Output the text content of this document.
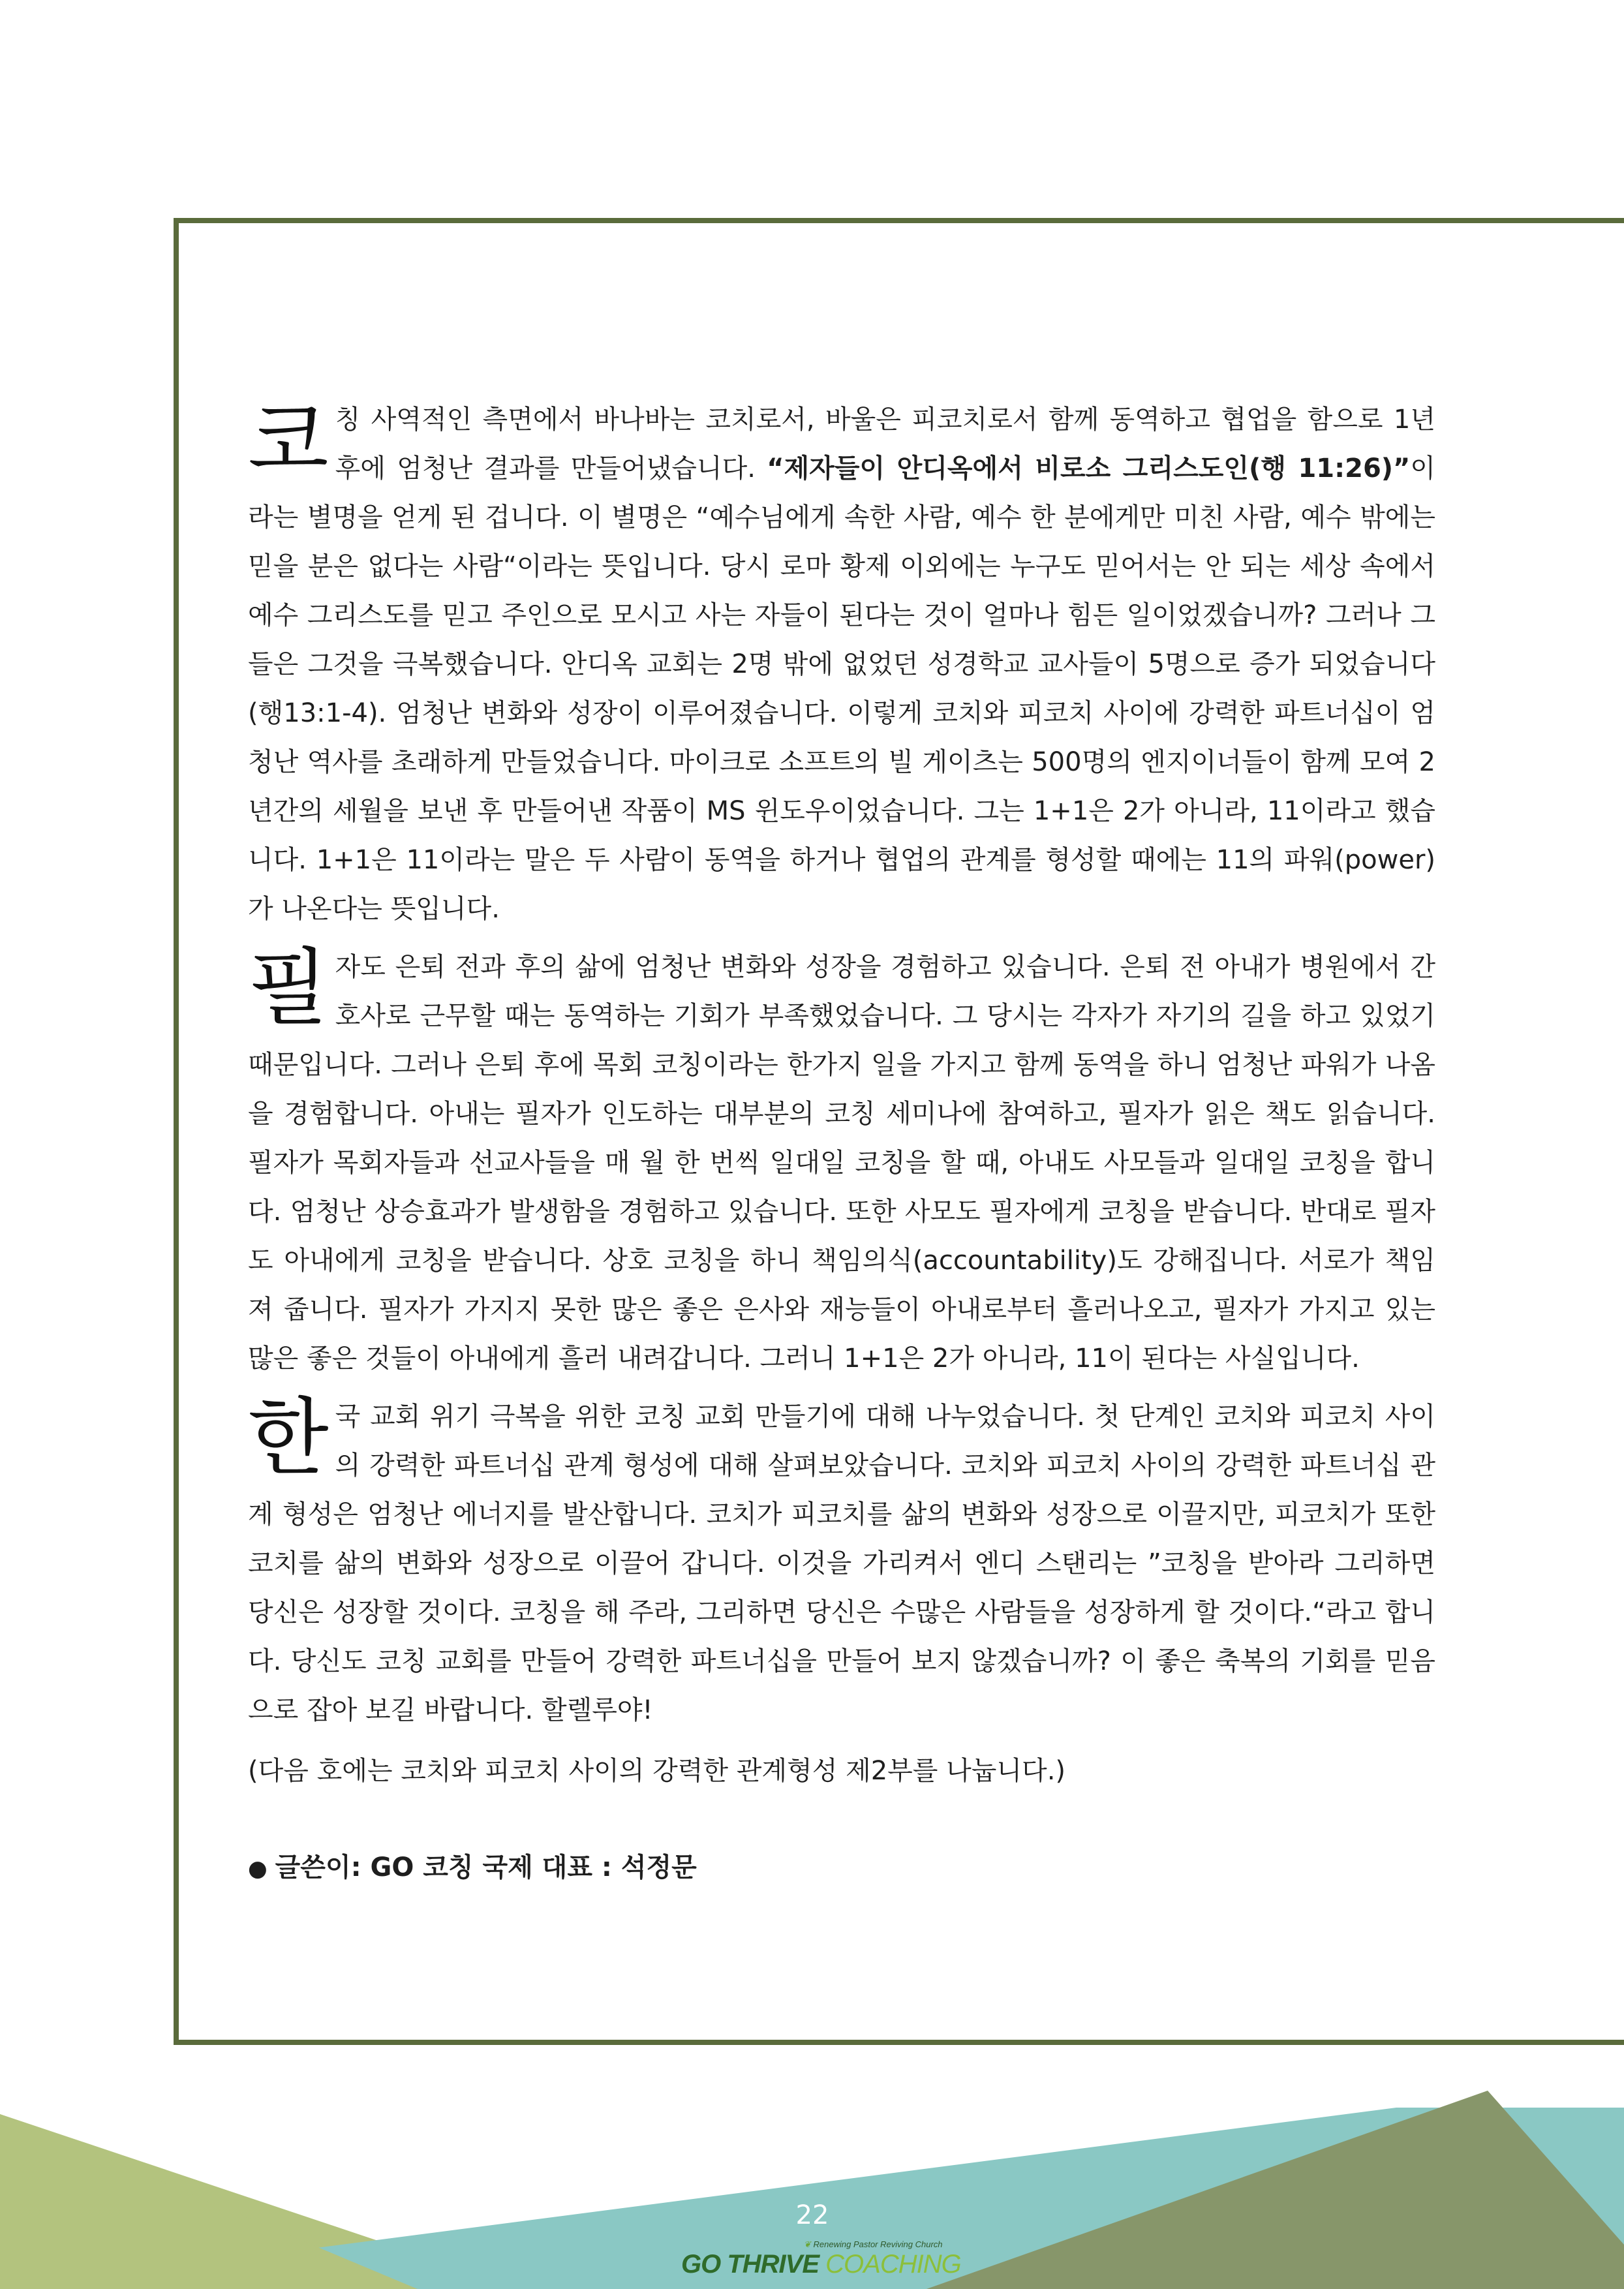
코칭 사역적인 측면에서 바나바는 코치로서, 바울은 피코치로서 함께 동역하고 협업을 함으로 1년 후에 엄청난 결과를 만들어냈습니다. “제자들이 안디옥에서 비로소 그리스도인(행 11:26)”이라는 별명을 얻게 된 겁니다. 이 별명은 “예수님에게 속한 사람, 예수 한 분에게만 미친 사람, 예수 밖에는 믿을 분은 없다는 사람“이라는 뜻입니다. 당시 로마 황제 이외에는 누구도 믿어서는 안 되는 세상 속에서 예수 그리스도를 믿고 주인으로 모시고 사는 자들이 된다는 것이 얼마나 힘든 일이었겠습니까? 그러나 그들은 그것을 극복했습니다. 안디옥 교회는 2명 밖에 없었던 성경학교 교사들이 5명으로 증가 되었습니다(행13:1-4). 엄청난 변화와 성장이 이루어졌습니다. 이렇게 코치와 피코치 사이에 강력한 파트너십이 엄청난 역사를 초래하게 만들었습니다. 마이크로 소프트의 빌 게이츠는 500명의 엔지이너들이 함께 모여 2년간의 세월을 보낸 후 만들어낸 작품이 MS 윈도우이었습니다. 그는 1+1은 2가 아니라, 11이라고 했습니다. 1+1은 11이라는 말은 두 사람이 동역을 하거나 협업의 관계를 형성할 때에는 11의 파워(power)가 나온다는 뜻입니다.

필자도 은퇴 전과 후의 삶에 엄청난 변화와 성장을 경험하고 있습니다. 은퇴 전 아내가 병원에서 간호사로 근무할 때는 동역하는 기회가 부족했었습니다. 그 당시는 각자가 자기의 길을 하고 있었기 때문입니다. 그러나 은퇴 후에 목회 코칭이라는 한가지 일을 가지고 함께 동역을 하니 엄청난 파워가 나옴을 경험합니다. 아내는 필자가 인도하는 대부분의 코칭 세미나에 참여하고, 필자가 읽은 책도 읽습니다. 필자가 목회자들과 선교사들을 매 월 한 번씩 일대일 코칭을 할 때, 아내도 사모들과 일대일 코칭을 합니다. 엄청난 상승효과가 발생함을 경험하고 있습니다. 또한 사모도 필자에게 코칭을 받습니다. 반대로 필자도 아내에게 코칭을 받습니다. 상호 코칭을 하니 책임의식(accountability)도 강해집니다. 서로가 책임 져 줍니다. 필자가 가지지 못한 많은 좋은 은사와 재능들이 아내로부터 흘러나오고, 필자가 가지고 있는 많은 좋은 것들이 아내에게 흘러 내려갑니다. 그러니 1+1은 2가 아니라, 11이 된다는 사실입니다.

한국 교회 위기 극복을 위한 코칭 교회 만들기에 대해 나누었습니다. 첫 단계인 코치와 피코치 사이의 강력한 파트너십 관계 형성에 대해 살펴보았습니다. 코치와 피코치 사이의 강력한 파트너십 관계 형성은 엄청난 에너지를 발산합니다. 코치가 피코치를 삶의 변화와 성장으로 이끌지만, 피코치가 또한 코치를 삶의 변화와 성장으로 이끌어 갑니다. 이것을 가리켜서 엔디 스탠리는 ”코칭을 받아라 그리하면 당신은 성장할 것이다. 코칭을 해 주라, 그리하면 당신은 수많은 사람들을 성장하게 할 것이다.“라고 합니다. 당신도 코칭 교회를 만들어 강력한 파트너십을 만들어 보지 않겠습니까? 이 좋은 축복의 기회를 믿음으로 잡아 보길 바랍니다. 할렐루야!

(다음 호에는 코치와 피코치 사이의 강력한 관계형성 제2부를 나눕니다.)

● 글쓴이: GO 코칭 국제 대표 : 석정문
22
❦ Renewing Pastor Reviving Church
GO THRIVE COACHING
